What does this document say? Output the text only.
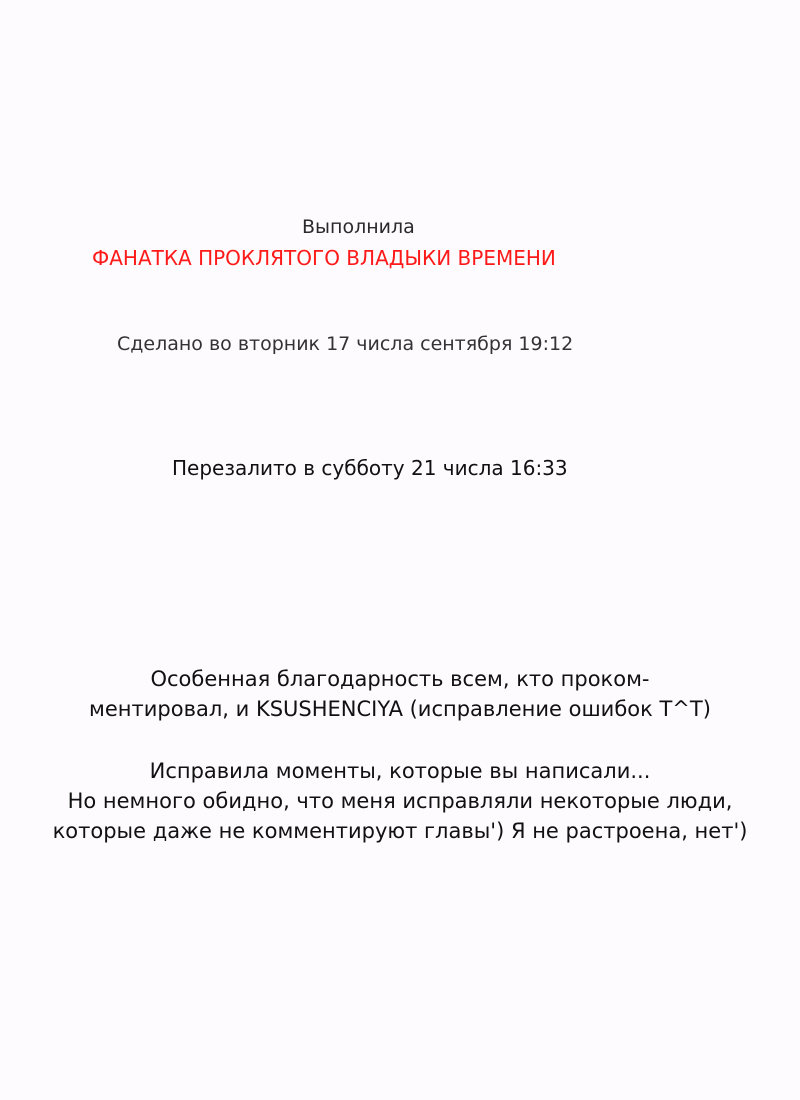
Выполнила

ФАНАТКА ПРОКЛЯТОГО ВЛАДЫКИ ВРЕМЕНИ

Сделано во вторник 17 числа сентября 19:12

Перезалито в субботу 21 числа 16:33

Особенная благодарность всем, кто проком-
ментировал, и KSUSHENCIYA (исправление ошибок T^T)
Исправила моменты, которые вы написали...
Но немного обидно, что меня исправляли некоторые люди,
которые даже не комментируют главы') Я не растроена, нет')
